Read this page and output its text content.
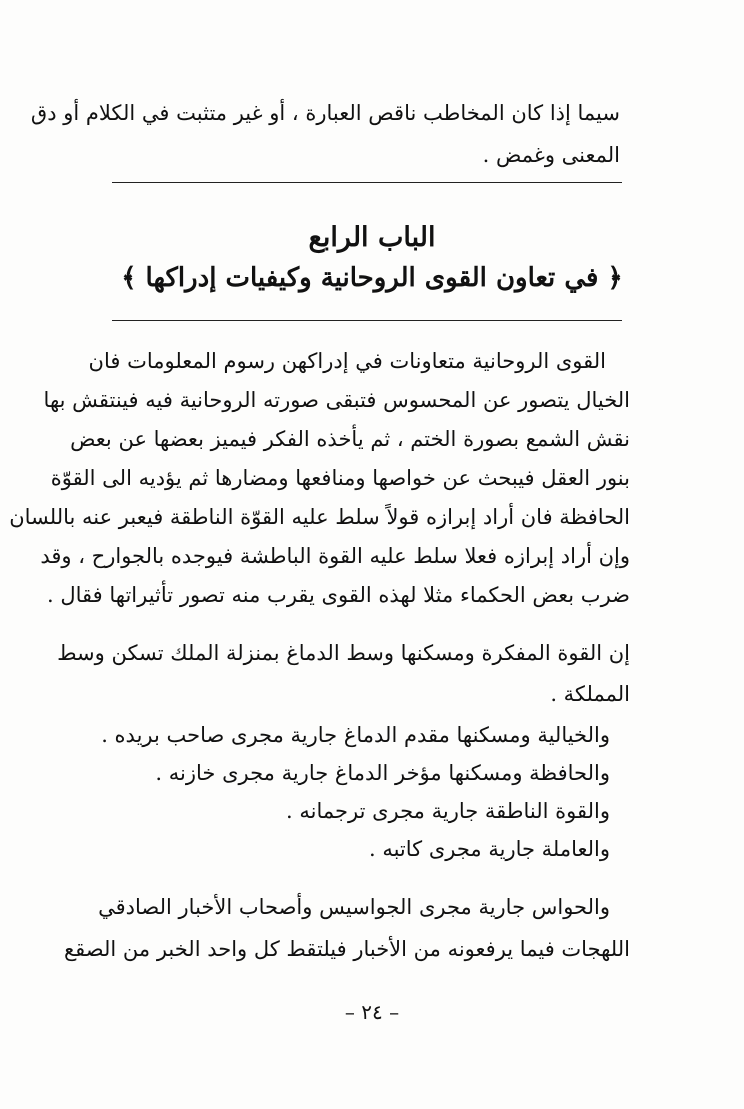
سيما إذا كان المخاطب ناقص العبارة ، أو غير متثبت في الكلام أو دق
المعنى وغمض .
الباب الرابع
﴿ في تعاون القوى الروحانية وكيفيات إدراكها ﴾
القوى الروحانية متعاونات في إدراكهن رسوم المعلومات فان
الخيال يتصور عن المحسوس فتبقى صورته الروحانية فيه فينتقش بها
نقش الشمع بصورة الختم ، ثم يأخذه الفكر فيميز بعضها عن بعض
بنور العقل فيبحث عن خواصها ومنافعها ومضارها ثم يؤديه الى القوّة
الحافظة فان أراد إبرازه قولاً سلط عليه القوّة الناطقة فيعبر عنه باللسان
وإن أراد إبرازه فعلا سلط عليه القوة الباطشة فيوجده بالجوارح ، وقد
ضرب بعض الحكماء مثلا لهذه القوى يقرب منه تصور تأثيراتها فقال .
إن القوة المفكرة ومسكنها وسط الدماغ بمنزلة الملك تسكن وسط
المملكة .
والخيالية ومسكنها مقدم الدماغ جارية مجرى صاحب بريده .
والحافظة ومسكنها مؤخر الدماغ جارية مجرى خازنه .
والقوة الناطقة جارية مجرى ترجمانه .
والعاملة جارية مجرى كاتبه .
والحواس جارية مجرى الجواسيس وأصحاب الأخبار الصادقي
اللهجات فيما يرفعونه من الأخبار فيلتقط كل واحد الخبر من الصقع
– ٢٤ –
